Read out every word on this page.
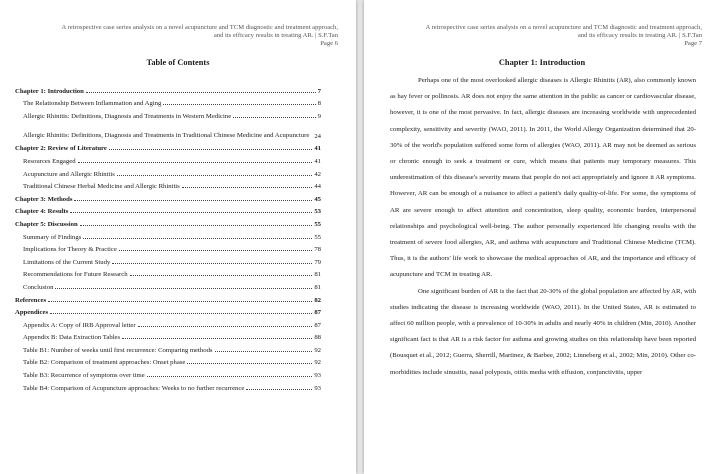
A retrospective case series analysis on a novel acupuncture and TCM diagnostic and treatment approach,
and its efficacy results in treating AR. | S.F.Tan
Page 6
Table of Contents
Chapter 1: Introduction	7
The Relationship Between Inflammation and Aging	8
Allergic Rhinitis: Definitions, Diagnosis and Treatments in Western Medicine	9
Allergic Rhinitis: Definitions, Diagnosis and Treatments in Traditional Chinese Medicine and Acupuncture 24
Chapter 2: Review of Literature	41
Resources Engaged	41
Acupuncture and Allergic Rhinitis	42
Traditional Chinese Herbal Medicine and Allergic Rhinitis	44
Chapter 3: Methods	45
Chapter 4: Results	53
Chapter 5: Discussion	55
Summary of Findings	55
Implications for Theory & Practice	78
Limitations of the Current Study	79
Recommendations for Future Research	81
Conclusion	81
References	82
Appendices	87
Appendix A: Copy of IRB Approval letter	87
Appendix B: Data Extraction Tables	88
Table B1: Number of weeks until first recurrence: Comparing methods	92
Table B2: Comparison of treatment approaches: Onset phase	92
Table B3: Recurrence of symptoms over time	93
Table B4: Comparison of Acupuncture approaches: Weeks to no further recurrence	93
A retrospective case series analysis on a novel acupuncture and TCM diagnostic and treatment approach,
and its efficacy results in treating AR. | S.F.Tan
Page 7
Chapter 1: Introduction

Perhaps one of the most overlooked allergic diseases is Allergic Rhinitis (AR), also commonly known as hay fever or pollinosis. AR does not enjoy the same attention in the public as cancer or cardiovascular disease, however, it is one of the most pervasive. In fact, allergic diseases are increasing worldwide with unprecedented complexity, sensitivity and severity (WAO, 2011). In 2011, the World Allergy Organization determined that 20-30% of the world's population suffered some form of allergies (WAO, 2011). AR may not be deemed as serious or chronic enough to seek a treatment or cure, which means that patients may temporary measures. This underestimation of this disease's severity means that people do not act appropriately and ignore it AR symptoms. However, AR can be enough of a nuisance to affect a patient's daily quality-of-life. For some, the symptoms of AR are severe enough to affect attention and concentration, sleep quality, economic burden, interpersonal relationships and psychological well-being. The author personally experienced life changing results with the treatment of severe food allergies, AR, and asthma with acupuncture and Traditional Chinese Medicine (TCM). Thus, it is the authors' life work to showcase the medical approaches of AR, and the importance and efficacy of acupuncture and TCM in treating AR.

One significant burden of AR is the fact that 20-30% of the global population are affected by AR, with studies indicating the disease is increasing worldwide (WAO, 2011). In the United States, AR is estimated to affect 60 million people, with a prevalence of 10-30% in adults and nearly 40% in children (Min, 2010). Another significant fact is that AR is a risk factor for asthma and growing studies on this relationship have been reported (Bousquet et al., 2012; Guerra, Sherrill, Martinez, & Barbee, 2002; Linneberg et al., 2002; Min, 2010). Other co-morbidities include sinusitis, nasal polyposis, otitis media with effusion, conjunctivitis, upper
